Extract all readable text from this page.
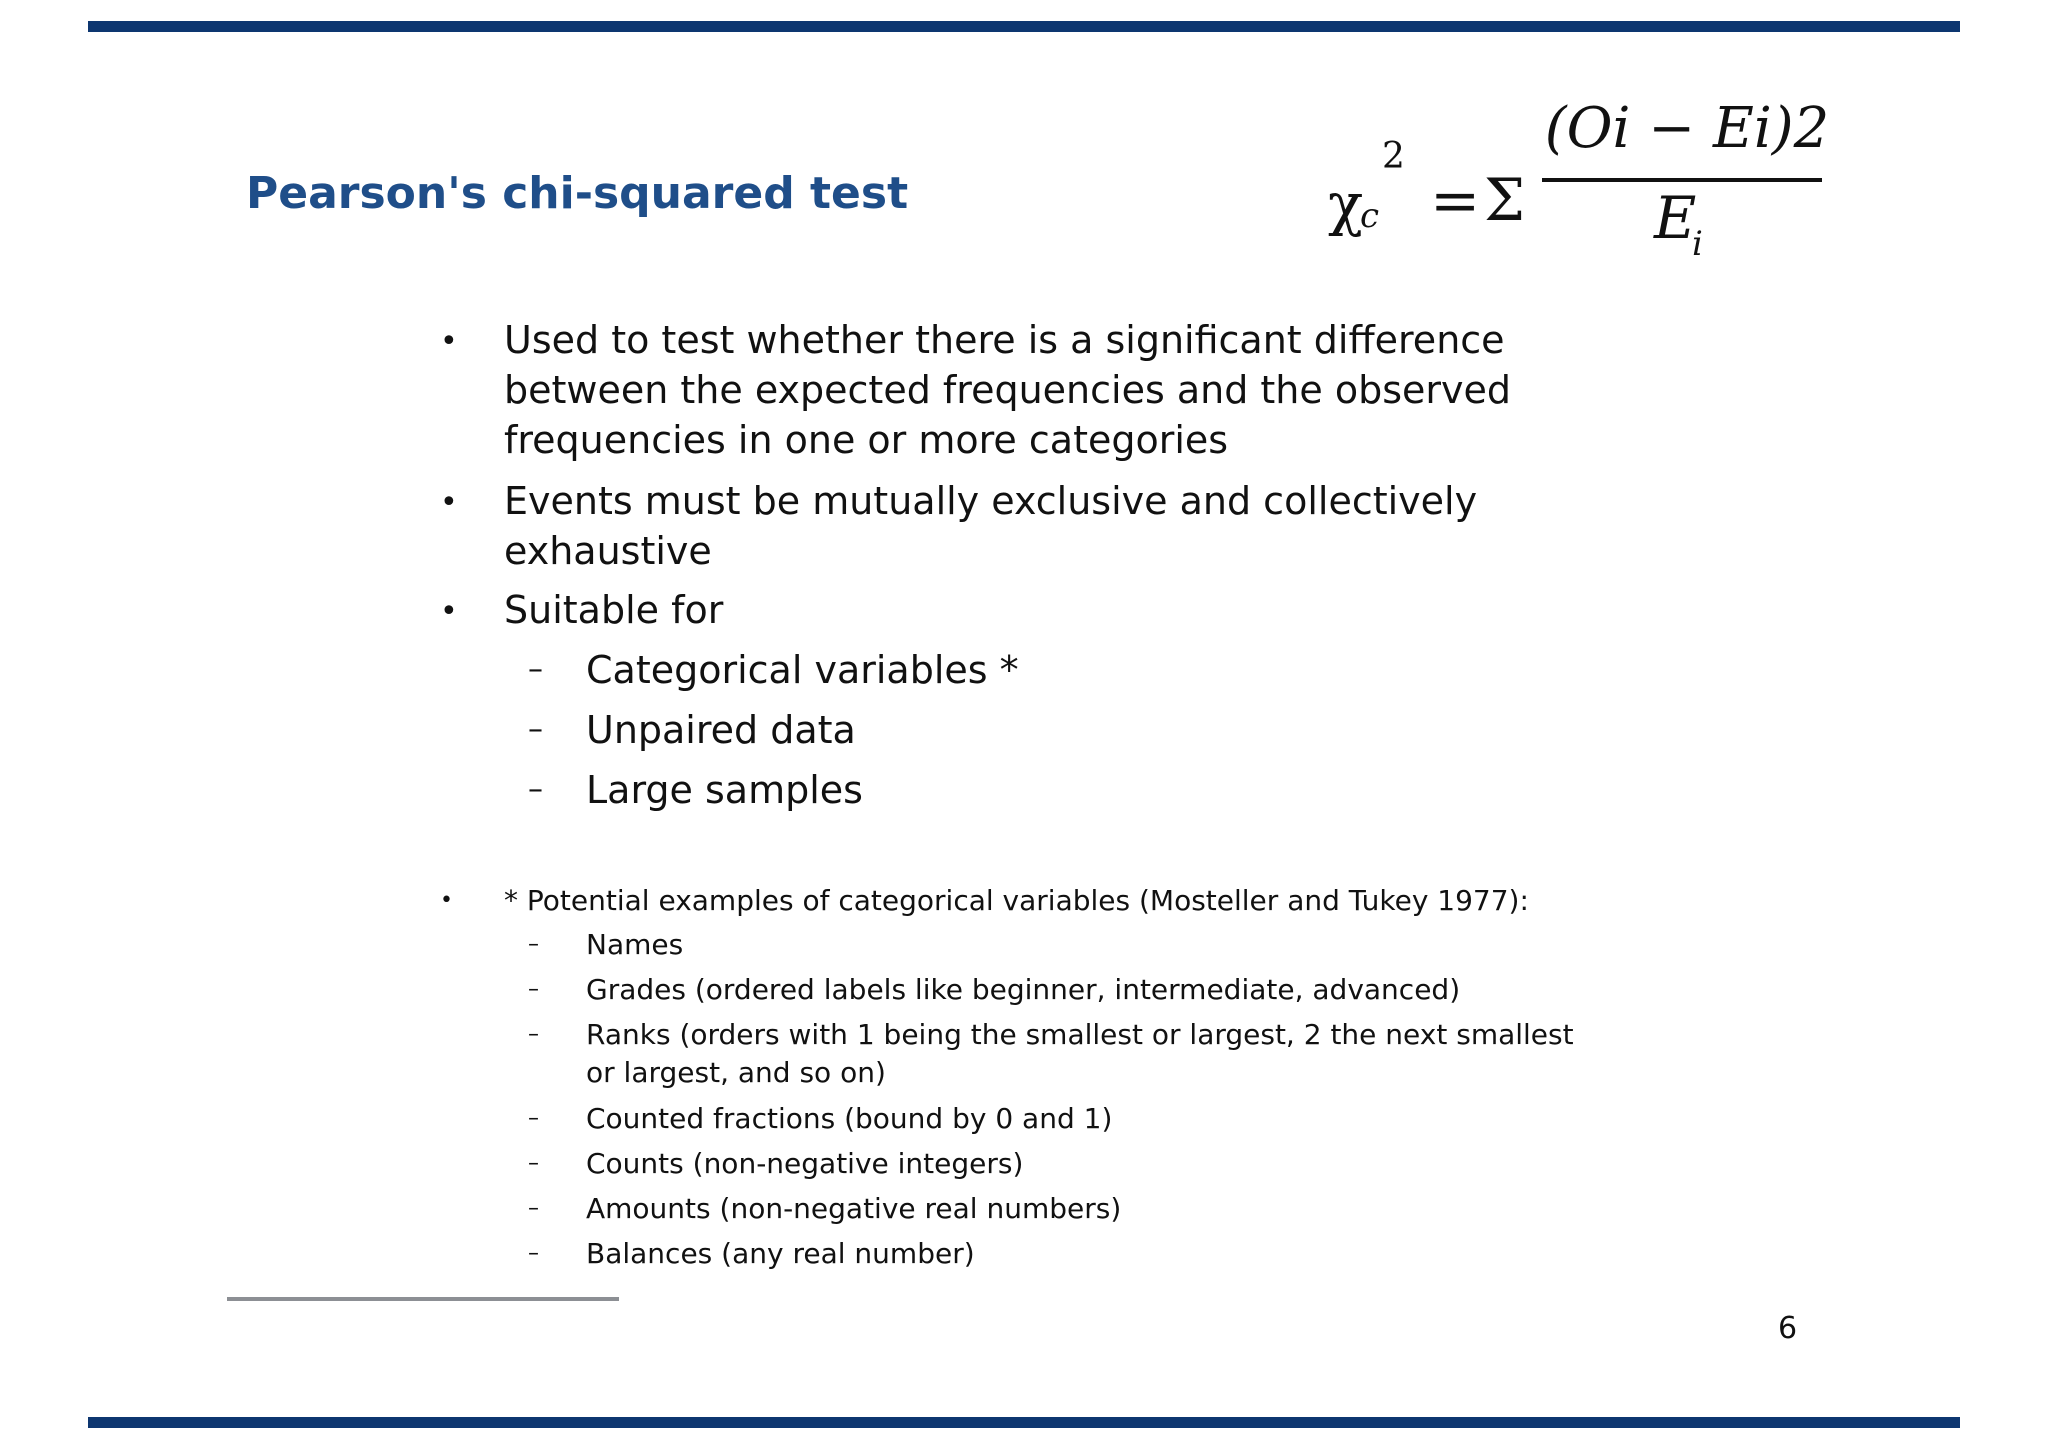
Pearson's chi-squared test	χ
c
2
= Σ
(Oi − Ei)2
E
i
• Used to test whether there is a significant difference between the expected frequencies and the observed frequencies in one or more categories
• Events must be mutually exclusive and collectively exhaustive
• Suitable for
– Categorical variables *
– Unpaired data
– Large samples
• * Potential examples of categorical variables (Mosteller and Tukey 1977):
– Names
– Grades (ordered labels like beginner, intermediate, advanced)
– Ranks (orders with 1 being the smallest or largest, 2 the next smallest or largest, and so on)
– Counted fractions (bound by 0 and 1)
– Counts (non-negative integers)
– Amounts (non-negative real numbers)
– Balances (any real number)
6
